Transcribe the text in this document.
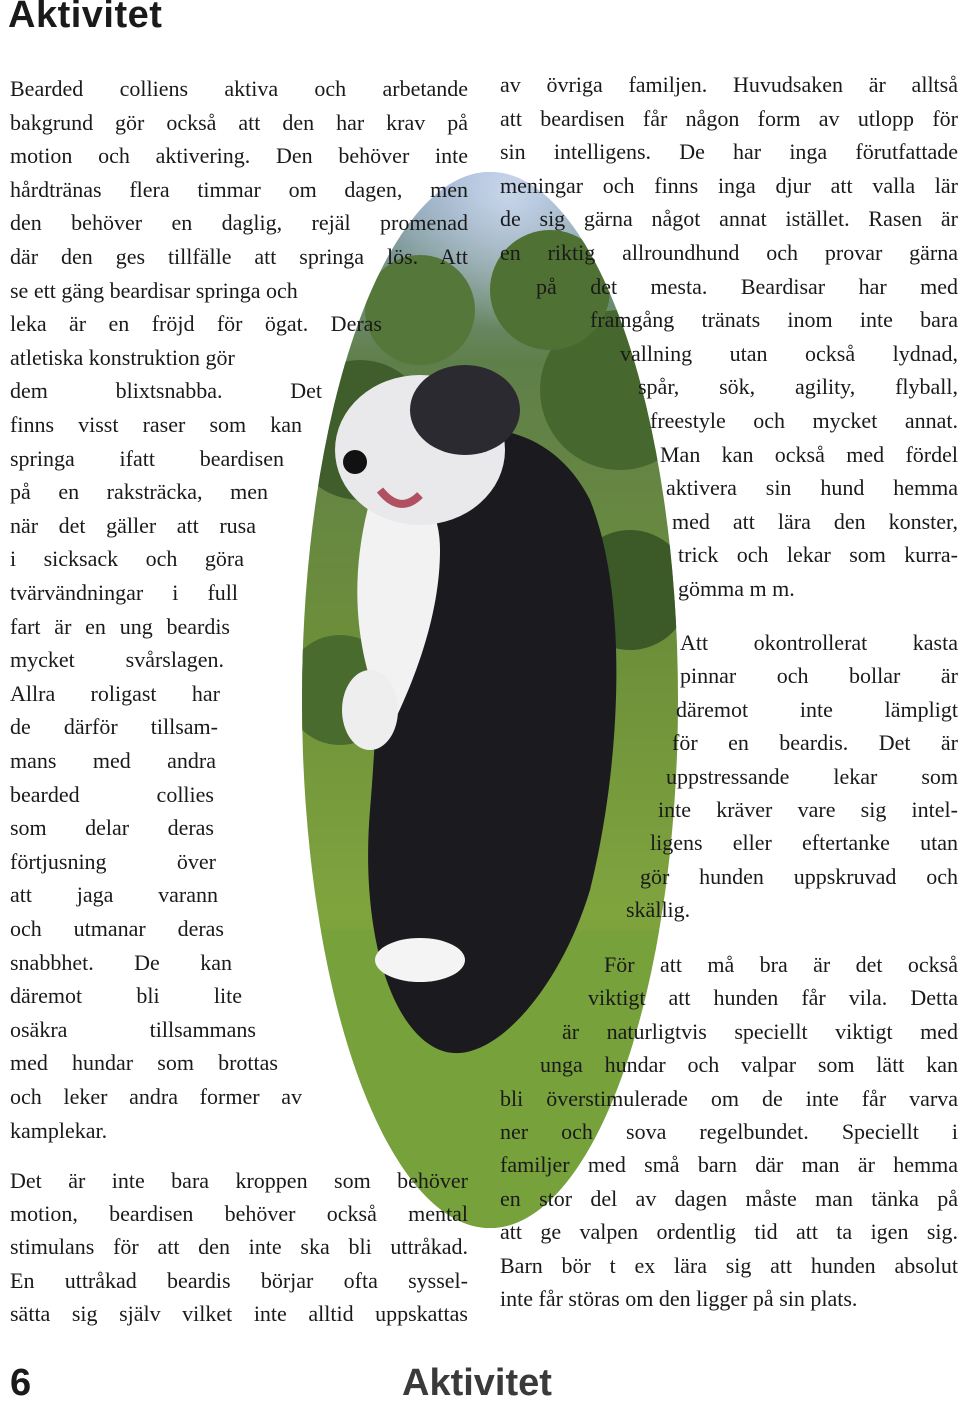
Aktivitet
Bearded colliens aktiva och arbetande
bakgrund gör också att den har krav på
motion och aktivering. Den behöver inte
hårdtränas flera timmar om dagen, men
den behöver en daglig, rejäl promenad
där den ges tillfälle att springa lös. Att
se ett gäng beardisar springa och
leka är en fröjd för ögat. Deras
atletiska konstruktion gör
dem blixtsnabba. Det
finns visst raser som kan
springa ifatt beardisen
på en raksträcka, men
när det gäller att rusa
i sicksack och göra
tvärvändningar i full
fart är en ung beardis
mycket svårslagen.
Allra roligast har
de därför tillsam-
mans med andra
bearded collies
som delar deras
förtjusning över
att jaga varann
och utmanar deras
snabbhet. De kan
däremot bli lite
osäkra tillsammans
med hundar som brottas
och leker andra former av
kamplekar.
Det är inte bara kroppen som behöver
motion, beardisen behöver också mental
stimulans för att den inte ska bli uttråkad.
En uttråkad beardis börjar ofta syssel-
sätta sig själv vilket inte alltid uppskattas
av övriga familjen. Huvudsaken är alltså
att beardisen får någon form av utlopp för
sin intelligens. De har inga förutfattade
meningar och finns inga djur att valla lär
de sig gärna något annat istället. Rasen är
en riktig allroundhund och provar gärna
på det mesta. Beardisar har med
framgång tränats inom inte bara
vallning utan också lydnad,
spår, sök, agility, flyball,
freestyle och mycket annat.
Man kan också med fördel
aktivera sin hund hemma
med att lära den konster,
trick och lekar som kurra-
gömma m m.
Att okontrollerat kasta
pinnar och bollar är
däremot inte lämpligt
för en beardis. Det är
uppstressande lekar som
inte kräver vare sig intel-
ligens eller eftertanke utan
gör hunden uppskruvad och
skällig.
För att må bra är det också
viktigt att hunden får vila. Detta
är naturligtvis speciellt viktigt med
unga hundar och valpar som lätt kan
bli överstimulerade om de inte får varva
ner och sova regelbundet. Speciellt i
familjer med små barn där man är hemma
en stor del av dagen måste man tänka på
att ge valpen ordentlig tid att ta igen sig.
Barn bör t ex lära sig att hunden absolut
inte får störas om den ligger på sin plats.
6	Aktivitet
